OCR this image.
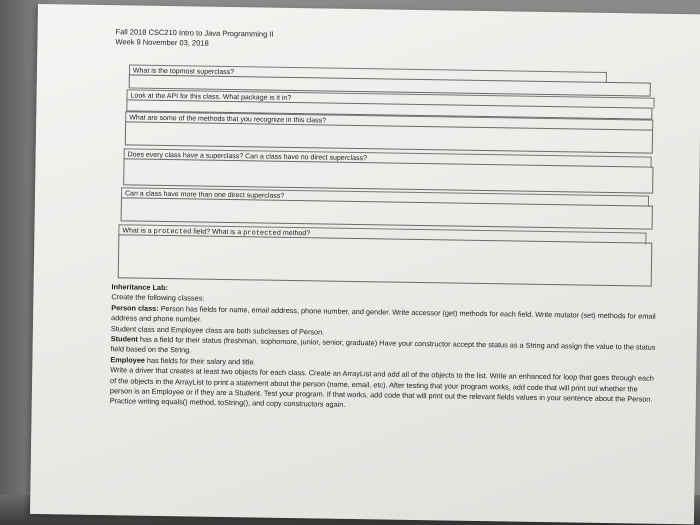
Fall 2018 CSC210 Intro to Java Programming II
Week 9 November 03, 2018
What is the topmost superclass?
Look at the API for this class. What package is it in?
What are some of the methods that you recognize in this class?
Does every class have a superclass? Can a class have no direct superclass?
Can a class have more than one direct superclass?
What is a protected field? What is a protected method?

Inheritance Lab:

Create the following classes:

Person class: Person has fields for name, email address, phone number, and gender. Write accessor (get) methods for each field. Write mutator (set) methods for email address and phone number.

Student class and Employee class are both subclasses of Person.

Student has a field for their status (freshman, sophomore, junior, senior, graduate) Have your constructor accept the status as a String and assign the value to the status field based on the String.

Employee has fields for their salary and title.

Write a driver that creates at least two objects for each class. Create an ArrayList and add all of the objects to the list. Write an enhanced for loop that goes through each of the objects in the ArrayList to print a statement about the person (name, email, etc). After testing that your program works, add code that will print out whether the person is an Employee or if they are a Student. Test your program. If that works, add code that will print out the relevant fields values in your sentence about the Person. Practice writing equals() method, toString(), and copy constructors again.
